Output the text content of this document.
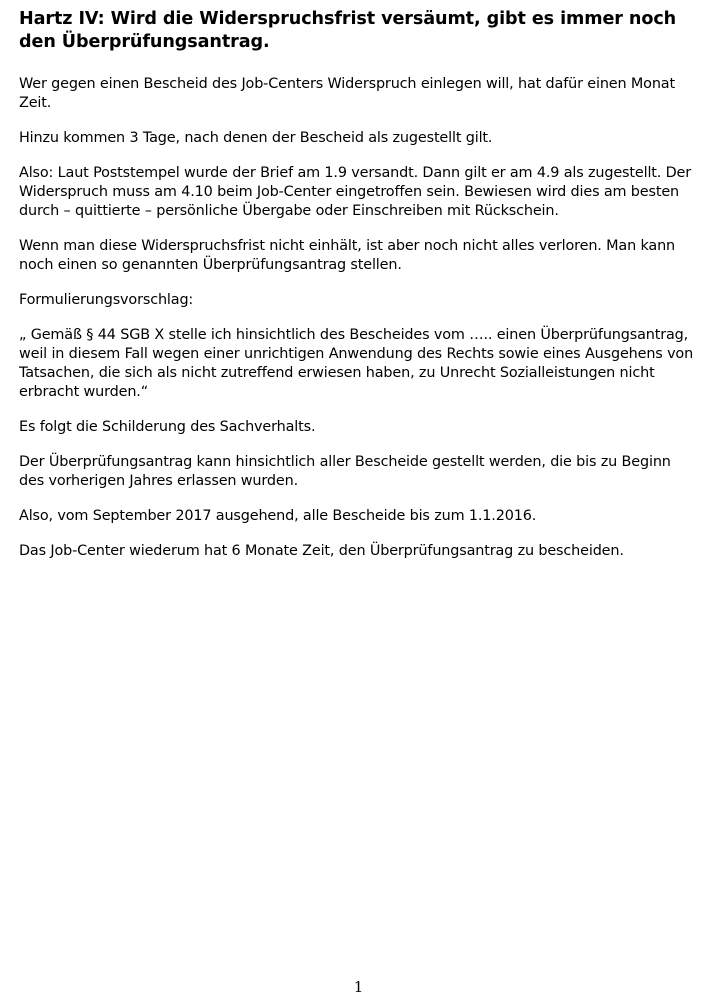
Hartz IV: Wird die Widerspruchsfrist versäumt, gibt es immer noch den Überprüfungsantrag.

Wer gegen einen Bescheid des Job-Centers Widerspruch einlegen will, hat dafür einen Monat Zeit.

Hinzu kommen 3 Tage, nach denen der Bescheid als zugestellt gilt.

Also: Laut Poststempel wurde der Brief am 1.9 versandt. Dann gilt er am 4.9 als zugestellt. Der Widerspruch muss am 4.10 beim Job-Center eingetroffen sein. Bewiesen wird dies am besten durch – quittierte – persönliche Übergabe oder Einschreiben mit Rückschein.

Wenn man diese Widerspruchsfrist nicht einhält, ist aber noch nicht alles verloren. Man kann noch einen so genannten Überprüfungsantrag stellen.

Formulierungsvorschlag:

„ Gemäß § 44 SGB X stelle ich hinsichtlich des Bescheides vom ….. einen Überprüfungsantrag, weil in diesem Fall wegen einer unrichtigen Anwendung des Rechts sowie eines Ausgehens von Tatsachen, die sich als nicht zutreffend erwiesen haben, zu Unrecht Sozialleistungen nicht erbracht wurden.“

Es folgt die Schilderung des Sachverhalts.

Der Überprüfungsantrag kann hinsichtlich aller Bescheide gestellt werden, die bis zu Beginn des vorherigen Jahres erlassen wurden.

Also, vom September 2017 ausgehend, alle Bescheide bis zum 1.1.2016.

Das Job-Center wiederum hat 6 Monate Zeit, den Überprüfungsantrag zu bescheiden.

1
